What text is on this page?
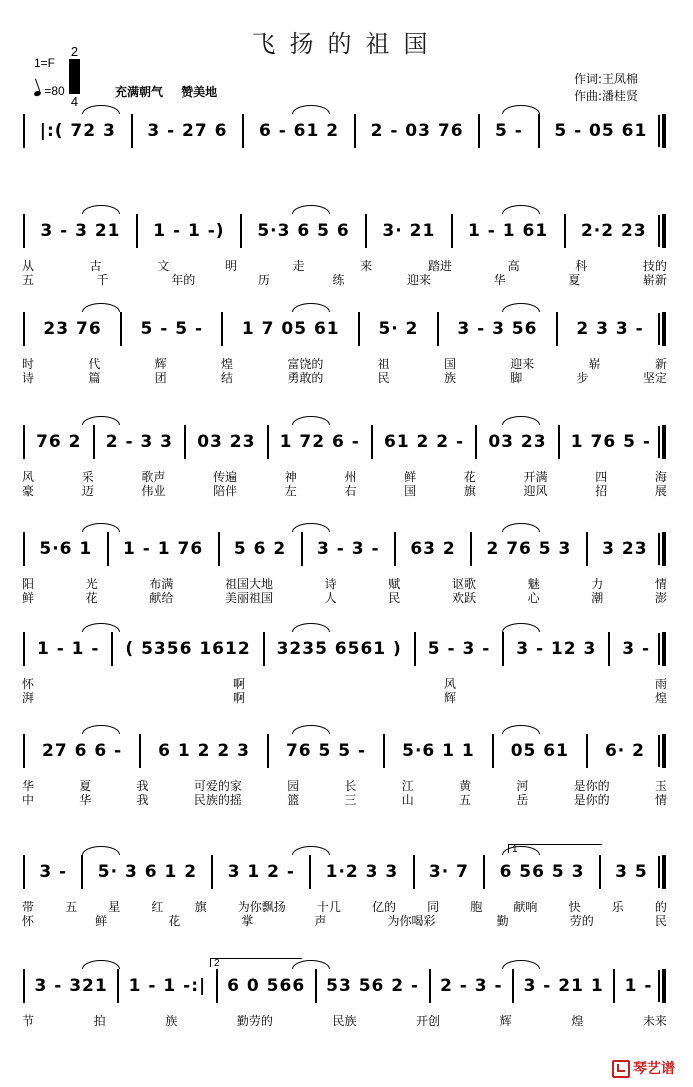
飞扬的祖国
1=F
2
4
=80	充满朝气 赞美地
作词:王凤棉
作曲:潘桂贤
|:( 72 3	3 - 27 6	6 - 61 2	2 - 03 76	5 -	5 - 05 61
3 - 3 21	1 - 1 -)	5·3 6 5 6	3· 21	1 - 1 61	2·2 23
从	古	文	明	走	来	踏进	高	科	技的
五	千	年的	历	练	迎来	华	夏	崭新
23 76	5 - 5 -	1 7 05 61	5· 2	3 - 3 56	2 3 3 -
时	代	辉	煌	富饶的	祖	国	迎来	崭	新
诗	篇	团	结	勇敢的	民	族	脚	步	坚定
76 2	2 - 3 3	03 23	1 72 6 -	61 2 2 -	03 23	1 76 5 -
风	采	歌声	传遍	神	州	鲜	花	开满	四	海
豪	迈	伟业	陪伴	左	右	国	旗	迎风	招	展
5·6 1	1 - 1 76	5 6 2	3 - 3 -	63 2	2 76 5 3	3 23
阳	光	布满	祖国大地	诗	赋	讴歌	魅	力	情
鲜	花	献给	美丽祖国	人	民	欢跃	心	潮	澎
1 - 1 -	( 5356 1612	3235 6561 )	5 - 3 -	3 - 12 3	3 -
怀	啊	风	雨
湃	啊	辉	煌
27 6 6 -	6 1 2 2 3	76 5 5 -	5·6 1 1	05 61	6· 2
华	夏	我	可爱的家	园	长	江	黄	河	是你的	玉
中	华	我	民族的摇	篮	三	山	五	岳	是你的	情
3 -	5· 3 6 1 2	3 1 2 -	1·2 3 3	3· 7	6 56 5 3	3 5
1
带	五	星	红	旗	为你飘扬	十几	亿的	同	胞	献响	快	乐	的
怀	鲜	花	掌	声	为你喝彩	勤	劳的	民
3 - 321	1 - 1 -:|	6 0 566	53 56 2 -	2 - 3 -	3 - 21 1	1 -
2
节	拍	族	勤劳的	民族	开创	辉	煌	未来
琴艺谱
